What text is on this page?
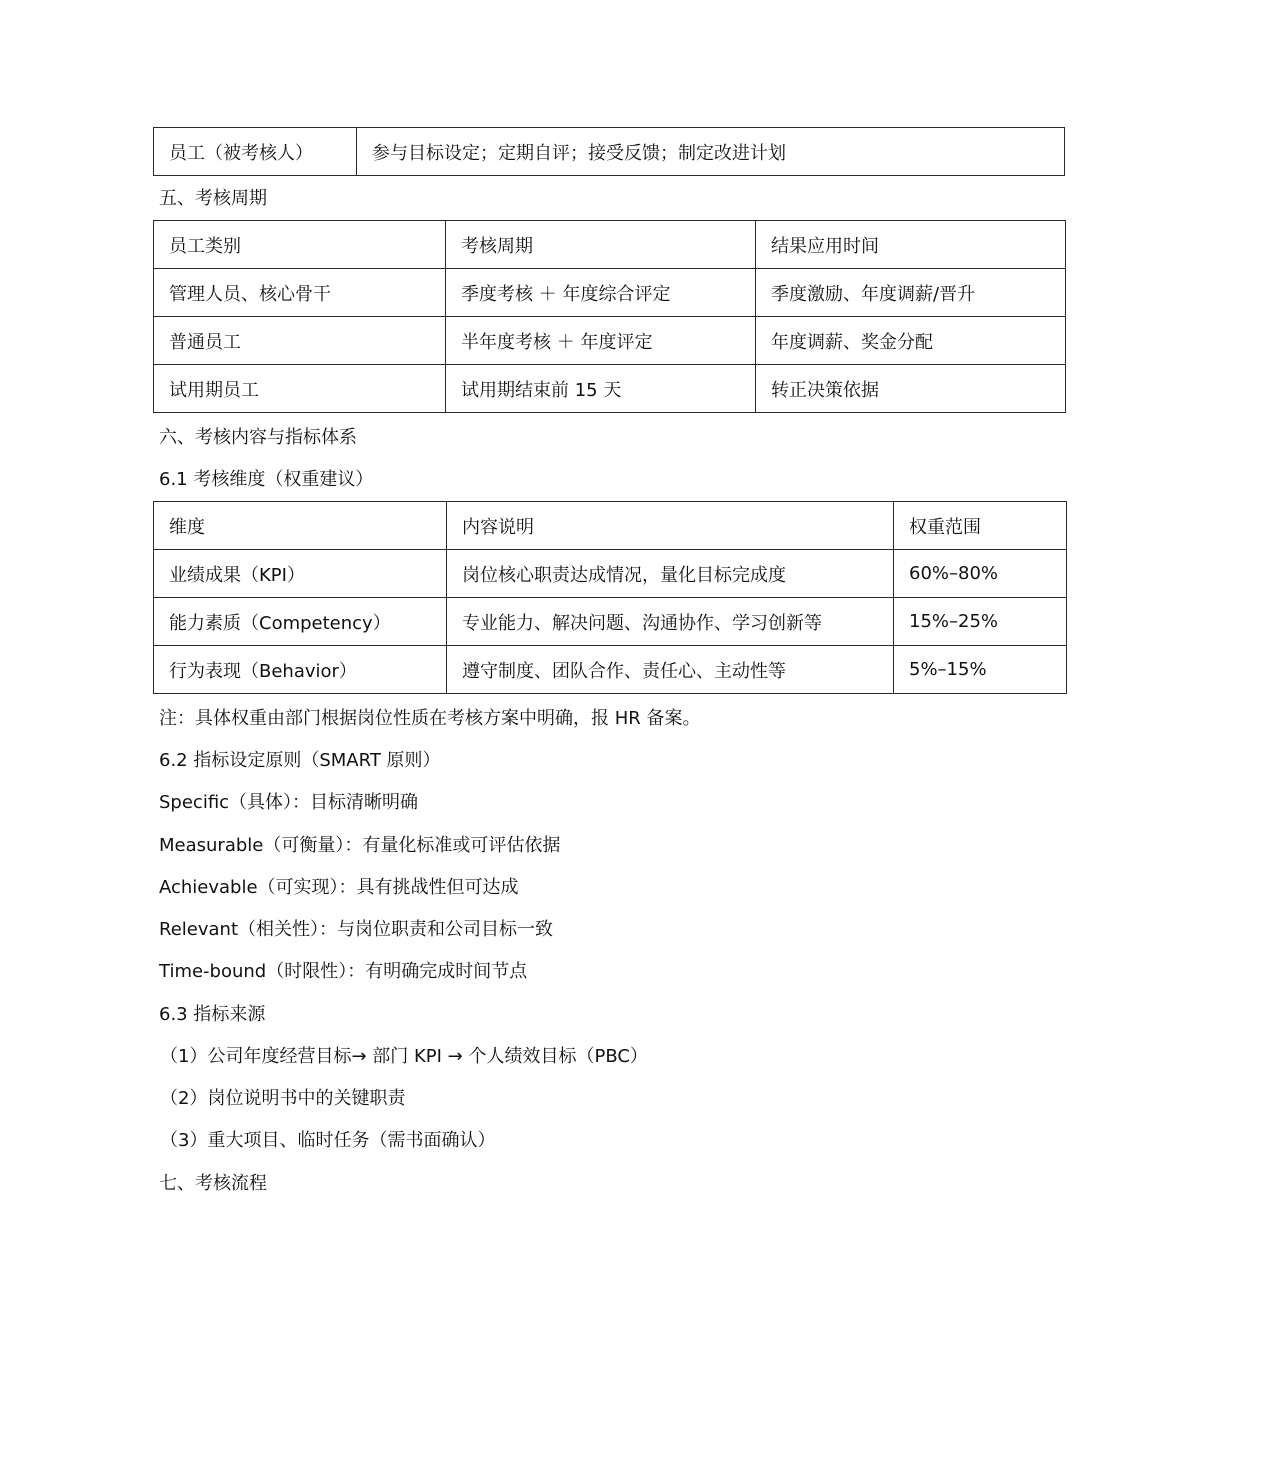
员工（被考核人）	参与目标设定；定期自评；接受反馈；制定改进计划
五、考核周期
员工类别	考核周期	结果应用时间
管理人员、核心骨干	季度考核 ＋ 年度综合评定	季度激励、年度调薪/晋升
普通员工	半年度考核 ＋ 年度评定	年度调薪、奖金分配
试用期员工	试用期结束前 15 天	转正决策依据
六、考核内容与指标体系
6.1 考核维度（权重建议）
维度	内容说明	权重范围
业绩成果（KPI）	岗位核心职责达成情况，量化目标完成度	60%–80%
能力素质（Competency）	专业能力、解决问题、沟通协作、学习创新等	15%–25%
行为表现（Behavior）	遵守制度、团队合作、责任心、主动性等	5%–15%
注：具体权重由部门根据岗位性质在考核方案中明确，报 HR 备案。
6.2 指标设定原则（SMART 原则）
Specific（具体）：目标清晰明确
Measurable（可衡量）：有量化标准或可评估依据
Achievable（可实现）：具有挑战性但可达成
Relevant（相关性）：与岗位职责和公司目标一致
Time-bound（时限性）：有明确完成时间节点
6.3 指标来源
（1）公司年度经营目标→ 部门 KPI → 个人绩效目标（PBC）
（2）岗位说明书中的关键职责
（3）重大项目、临时任务（需书面确认）
七、考核流程
